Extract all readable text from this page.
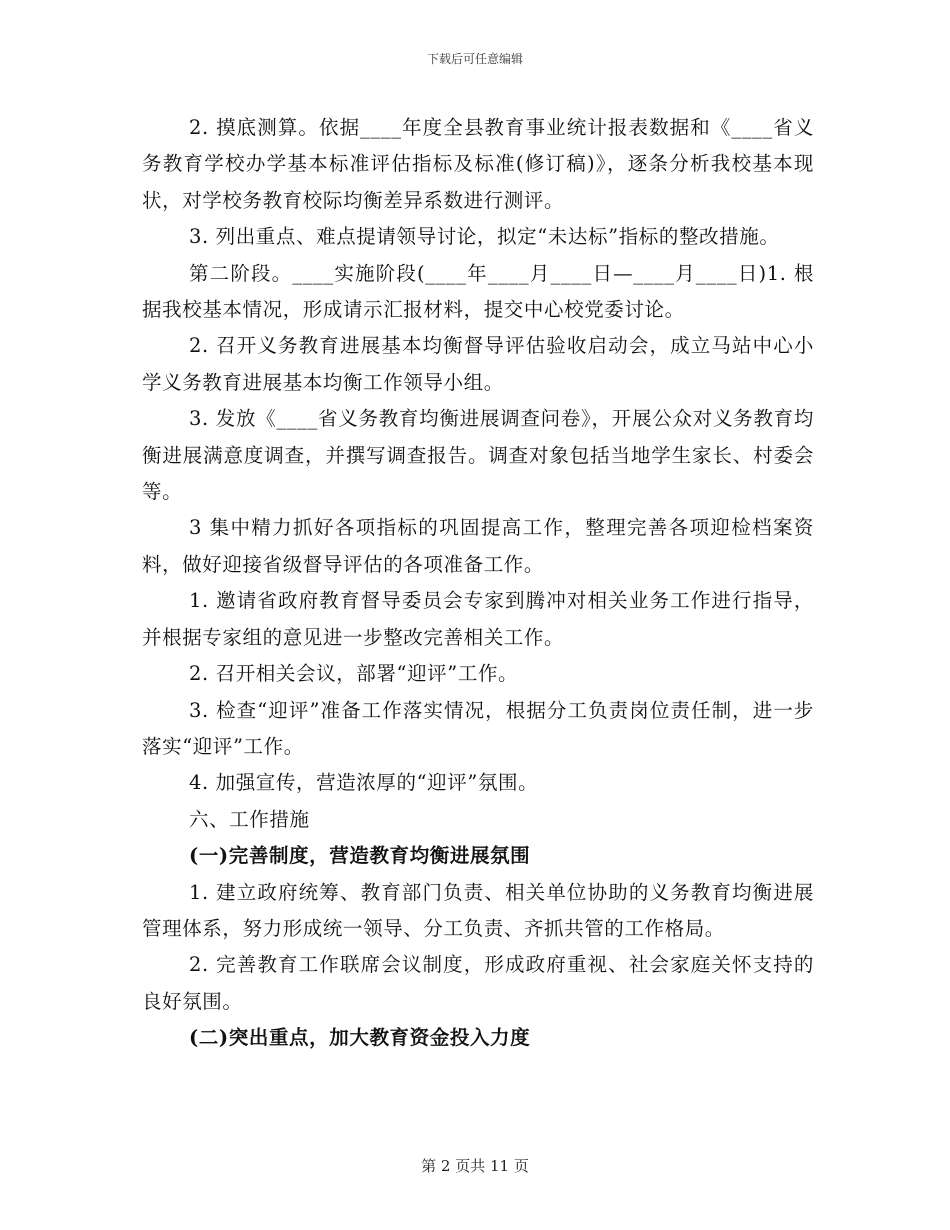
下载后可任意编辑

2. 摸底测算。依据____年度全县教育事业统计报表数据和《____省义务教育学校办学基本标准评估指标及标准(修订稿)》，逐条分析我校基本现状，对学校务教育校际均衡差异系数进行测评。

3. 列出重点、难点提请领导讨论，拟定“未达标”指标的整改措施。

第二阶段。____实施阶段(____年____月____日—____月____日)1. 根据我校基本情况，形成请示汇报材料，提交中心校党委讨论。

2. 召开义务教育进展基本均衡督导评估验收启动会，成立马站中心小学义务教育进展基本均衡工作领导小组。

3. 发放《____省义务教育均衡进展调查问卷》，开展公众对义务教育均衡进展满意度调查，并撰写调查报告。调查对象包括当地学生家长、村委会等。

3 集中精力抓好各项指标的巩固提高工作，整理完善各项迎检档案资料，做好迎接省级督导评估的各项准备工作。

1. 邀请省政府教育督导委员会专家到腾冲对相关业务工作进行指导，并根据专家组的意见进一步整改完善相关工作。

2. 召开相关会议，部署“迎评”工作。

3. 检查“迎评”准备工作落实情况，根据分工负责岗位责任制，进一步落实“迎评”工作。

4. 加强宣传，营造浓厚的“迎评”氛围。

六、工作措施

(一)完善制度，营造教育均衡进展氛围

1. 建立政府统筹、教育部门负责、相关单位协助的义务教育均衡进展管理体系，努力形成统一领导、分工负责、齐抓共管的工作格局。

2. 完善教育工作联席会议制度，形成政府重视、社会家庭关怀支持的良好氛围。

(二)突出重点，加大教育资金投入力度

第 2 页共 11 页
